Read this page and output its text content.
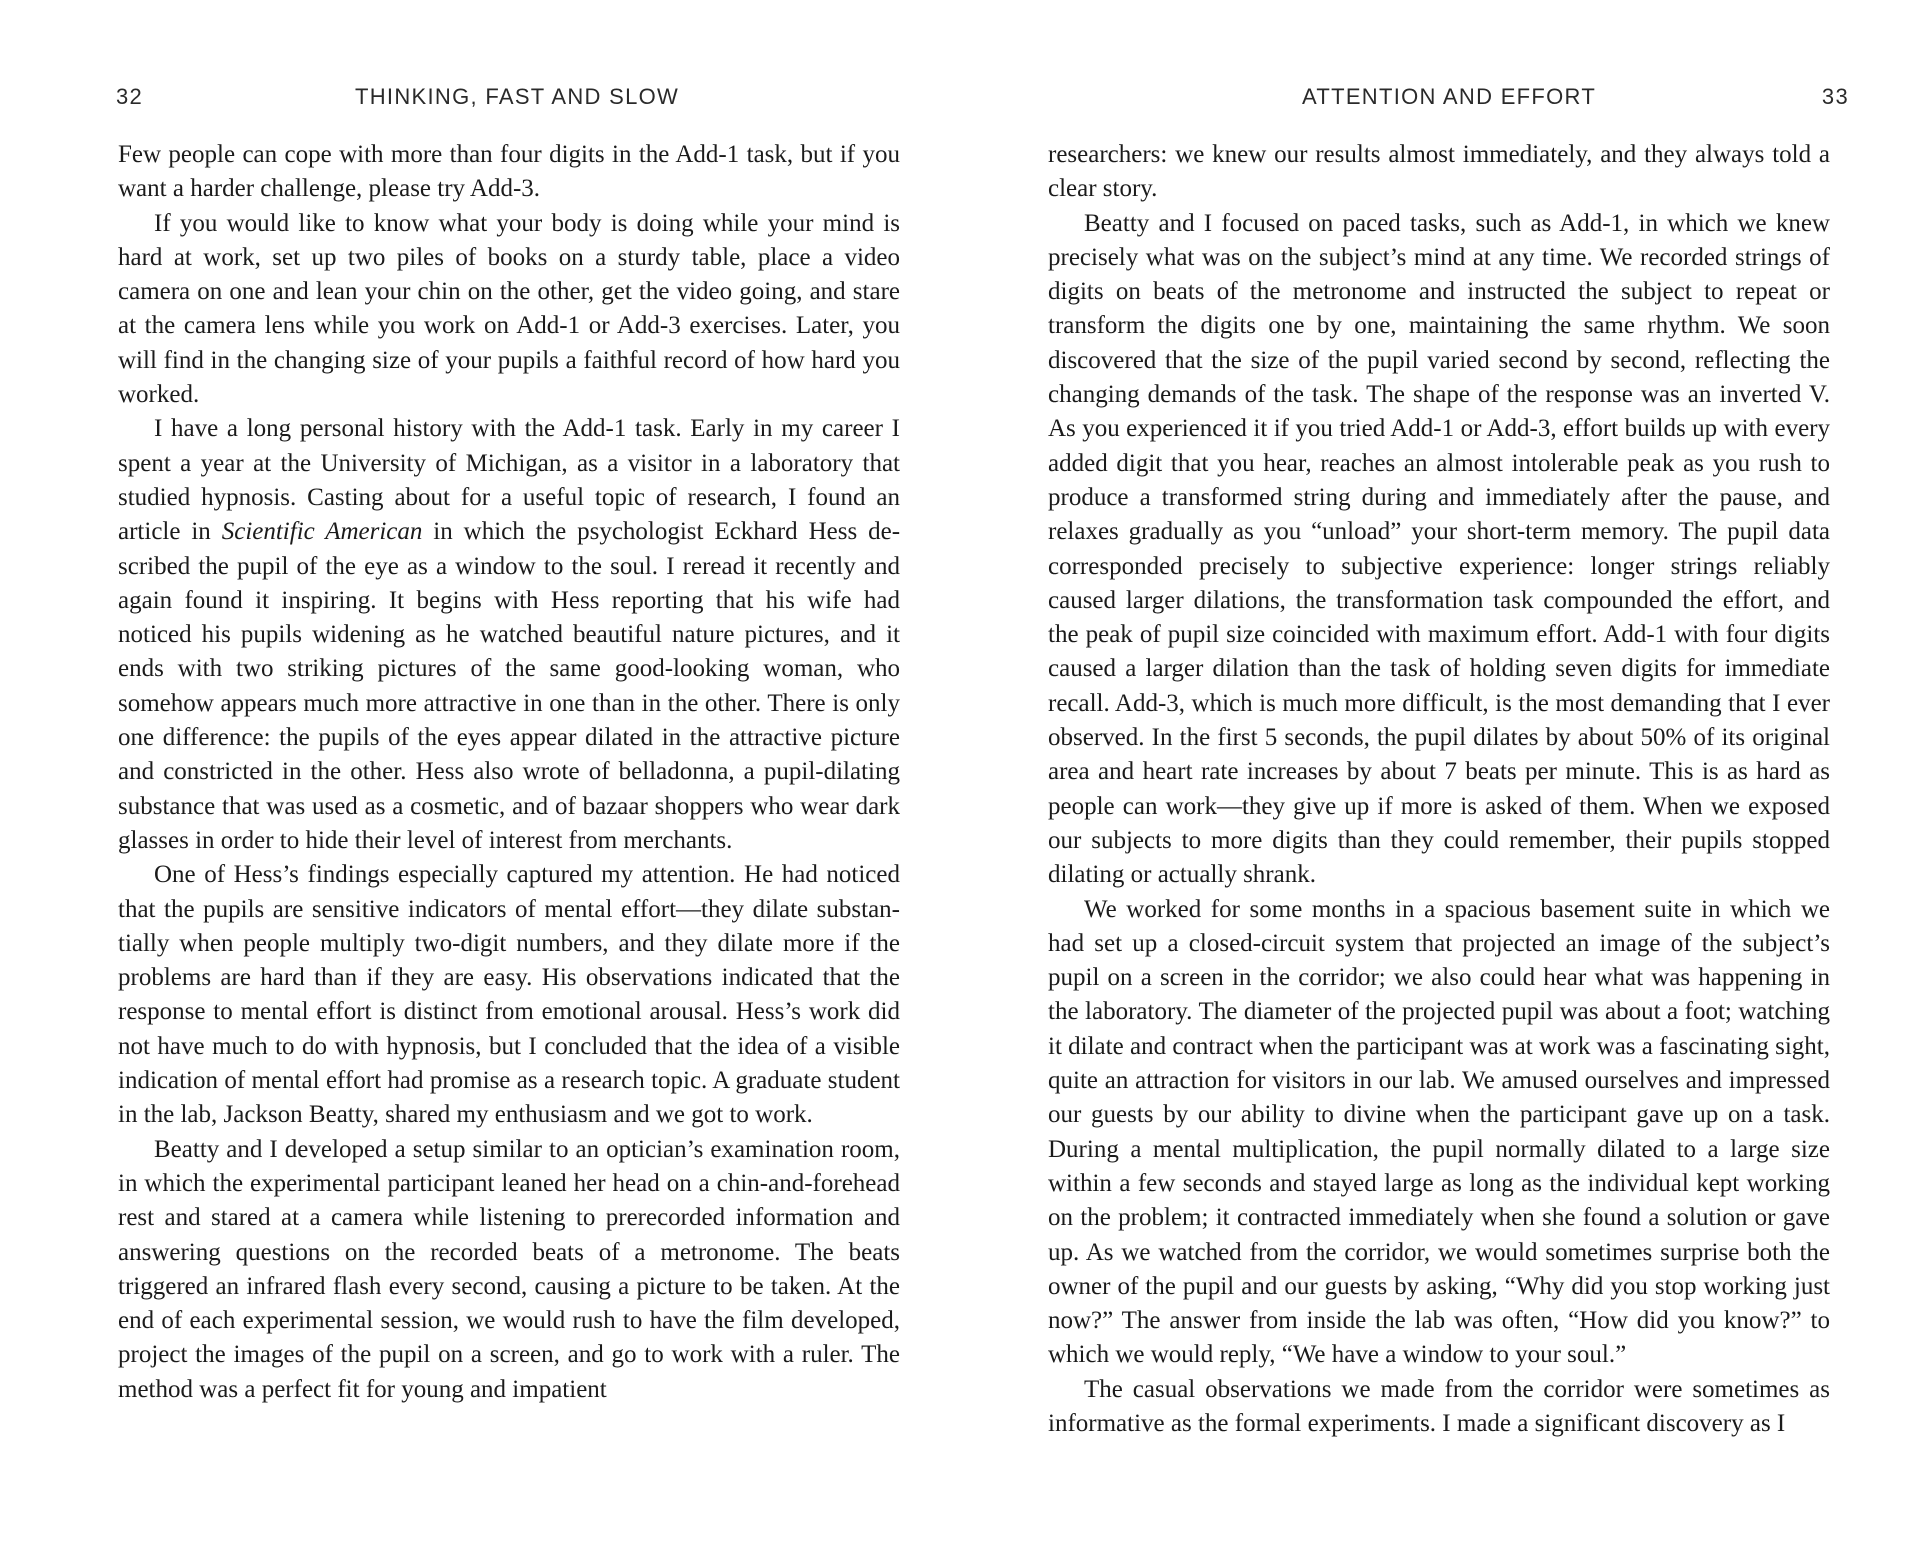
32	THINKING, FAST AND SLOW

Few people can cope with more than four digits in the Add-1 task, but if you want a harder challenge, please try Add-3.

If you would like to know what your body is doing while your mind is hard at work, set up two piles of books on a sturdy table, place a video camera on one and lean your chin on the other, get the video going, and stare at the camera lens while you work on Add-1 or Add-3 exercises. Later, you will find in the changing size of your pupils a faithful record of how hard you worked.

I have a long personal history with the Add-1 task. Early in my career I spent a year at the University of Michigan, as a visitor in a laboratory that studied hypnosis. Casting about for a useful topic of research, I found an article in Scientific American in which the psychologist Eckhard Hess described the pupil of the eye as a window to the soul. I reread it recently and again found it inspiring. It begins with Hess reporting that his wife had noticed his pupils widening as he watched beautiful nature pictures, and it ends with two striking pictures of the same good-looking woman, who somehow appears much more attractive in one than in the other. There is only one difference: the pupils of the eyes appear dilated in the attractive picture and constricted in the other. Hess also wrote of belladonna, a pupil-dilating substance that was used as a cosmetic, and of bazaar shoppers who wear dark glasses in order to hide their level of interest from merchants.

One of Hess’s findings especially captured my attention. He had noticed that the pupils are sensitive indicators of mental effort—they dilate substantially when people multiply two-digit numbers, and they dilate more if the problems are hard than if they are easy. His observations indicated that the response to mental effort is distinct from emotional arousal. Hess’s work did not have much to do with hypnosis, but I concluded that the idea of a visible indication of mental effort had promise as a research topic. A graduate student in the lab, Jackson Beatty, shared my enthusiasm and we got to work.

Beatty and I developed a setup similar to an optician’s examination room, in which the experimental participant leaned her head on a chin-and-forehead rest and stared at a camera while listening to prerecorded information and answering questions on the recorded beats of a metronome. The beats triggered an infrared flash every second, causing a picture to be taken. At the end of each experimental session, we would rush to have the film developed, project the images of the pupil on a screen, and go to work with a ruler. The method was a perfect fit for young and impatient

ATTENTION AND EFFORT	33

researchers: we knew our results almost immediately, and they always told a clear story.

Beatty and I focused on paced tasks, such as Add-1, in which we knew precisely what was on the subject’s mind at any time. We recorded strings of digits on beats of the metronome and instructed the subject to repeat or transform the digits one by one, maintaining the same rhythm. We soon discovered that the size of the pupil varied second by second, reflecting the changing demands of the task. The shape of the response was an inverted V. As you experienced it if you tried Add-1 or Add-3, effort builds up with every added digit that you hear, reaches an almost intolerable peak as you rush to produce a transformed string during and immediately after the pause, and relaxes gradually as you “unload” your short-term memory. The pupil data corresponded precisely to subjective experience: longer strings reliably caused larger dilations, the transformation task compounded the effort, and the peak of pupil size coincided with maximum effort. Add-1 with four digits caused a larger dilation than the task of holding seven digits for immediate recall. Add-3, which is much more difficult, is the most demanding that I ever observed. In the first 5 seconds, the pupil dilates by about 50% of its original area and heart rate increases by about 7 beats per minute. This is as hard as people can work—they give up if more is asked of them. When we exposed our subjects to more digits than they could remember, their pupils stopped dilating or actually shrank.

We worked for some months in a spacious basement suite in which we had set up a closed-circuit system that projected an image of the subject’s pupil on a screen in the corridor; we also could hear what was happening in the laboratory. The diameter of the projected pupil was about a foot; watching it dilate and contract when the participant was at work was a fascinating sight, quite an attraction for visitors in our lab. We amused ourselves and impressed our guests by our ability to divine when the participant gave up on a task. During a mental multiplication, the pupil normally dilated to a large size within a few seconds and stayed large as long as the individual kept working on the problem; it contracted immediately when she found a solution or gave up. As we watched from the corridor, we would sometimes surprise both the owner of the pupil and our guests by asking, “Why did you stop working just now?” The answer from inside the lab was often, “How did you know?” to which we would reply, “We have a window to your soul.”

The casual observations we made from the corridor were sometimes as informative as the formal experiments. I made a significant discovery as I
